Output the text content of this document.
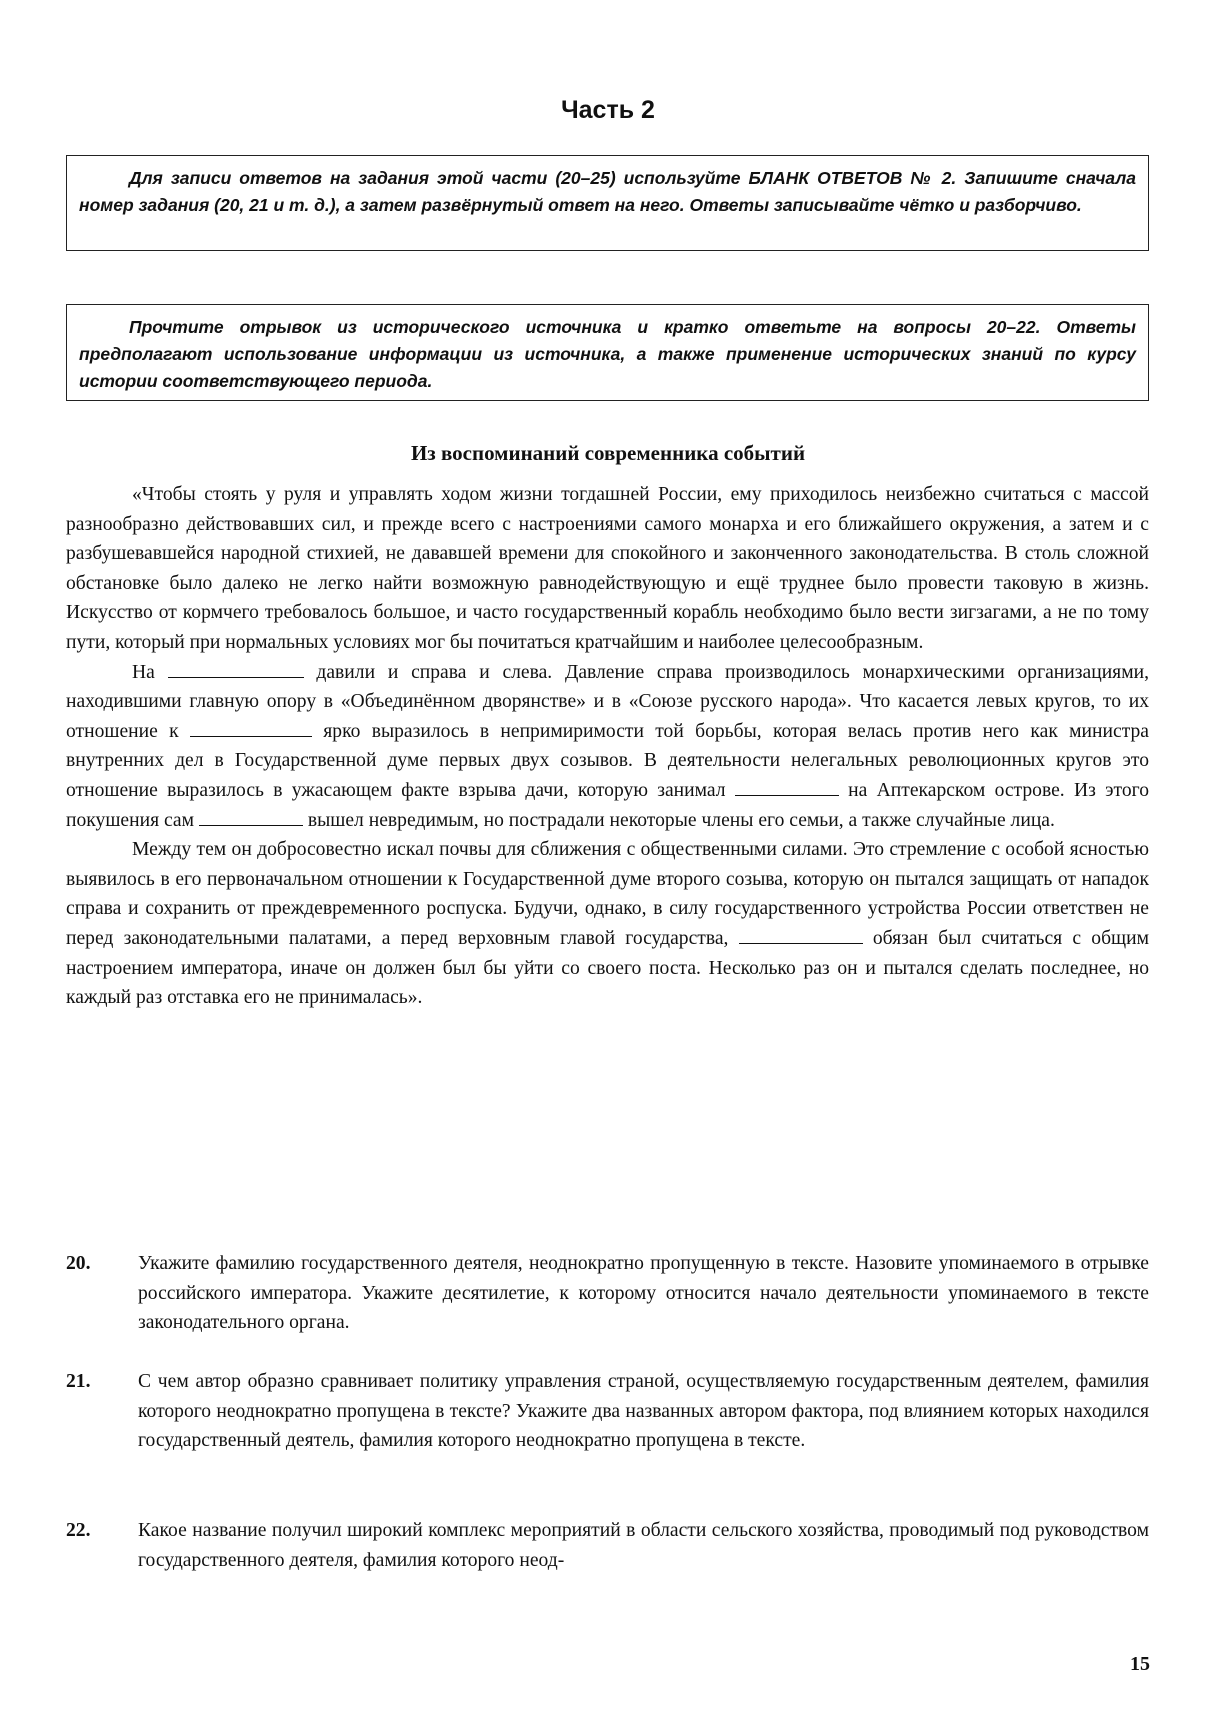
Часть 2

Для записи ответов на задания этой части (20–25) используйте БЛАНК ОТВЕТОВ № 2. Запишите сначала номер задания (20, 21 и т. д.), а затем развёрнутый ответ на него. Ответы записывайте чётко и разборчиво.

Прочтите отрывок из исторического источника и кратко ответьте на вопросы 20–22. Ответы предполагают использование информации из источника, а также применение исторических знаний по курсу истории соответствующего периода.

Из воспоминаний современника событий

«Чтобы стоять у руля и управлять ходом жизни тогдашней России, ему приходилось неизбежно считаться с массой разнообразно действовавших сил, и прежде всего с настроениями самого монарха и его ближайшего окружения, а затем и с разбушевавшейся народной стихией, не дававшей времени для спокойного и законченного законодательства. В столь сложной обстановке было далеко не легко найти возможную равнодействующую и ещё труднее было провести таковую в жизнь. Искусство от кормчего требовалось большое, и часто государственный корабль необходимо было вести зигзагами, а не по тому пути, который при нормальных условиях мог бы почитаться кратчайшим и наиболее целесообразным.

На	давили и справа и слева. Давление справа производилось монархическими организациями, находившими главную опору в «Объединённом дворянстве» и в «Союзе русского народа». Что касается левых кругов, то их отношение к	ярко выразилось в непримиримости той борьбы, которая велась против него как министра внутренних дел в Государственной думе первых двух созывов. В деятельности нелегальных революционных кругов это отношение выразилось в ужасающем факте взрыва дачи, которую занимал	на Аптекарском острове. Из этого покушения сам	вышел невредимым, но пострадали некоторые члены его семьи, а также случайные лица.

Между тем он добросовестно искал почвы для сближения с общественными силами. Это стремление с особой ясностью выявилось в его первоначальном отношении к Государственной думе второго созыва, которую он пытался защищать от нападок справа и сохранить от преждевременного роспуска. Будучи, однако, в силу государственного устройства России ответствен не перед законодательными палатами, а перед верховным главой государства,	обязан был считаться с общим настроением императора, иначе он должен был бы уйти со своего поста. Несколько раз он и пытался сделать последнее, но каждый раз отставка его не принималась».

20. Укажите фамилию государственного деятеля, неоднократно пропущенную в тексте. Назовите упоминаемого в отрывке российского императора. Укажите десятилетие, к которому относится начало деятельности упоминаемого в тексте законодательного органа.
21. С чем автор образно сравнивает политику управления страной, осуществляемую государственным деятелем, фамилия которого неоднократно пропущена в тексте? Укажите два названных автором фактора, под влиянием которых находился государственный деятель, фамилия которого неоднократно пропущена в тексте.
22. Какое название получил широкий комплекс мероприятий в области сельского хозяйства, проводимый под руководством государственного деятеля, фамилия которого неод-
15
